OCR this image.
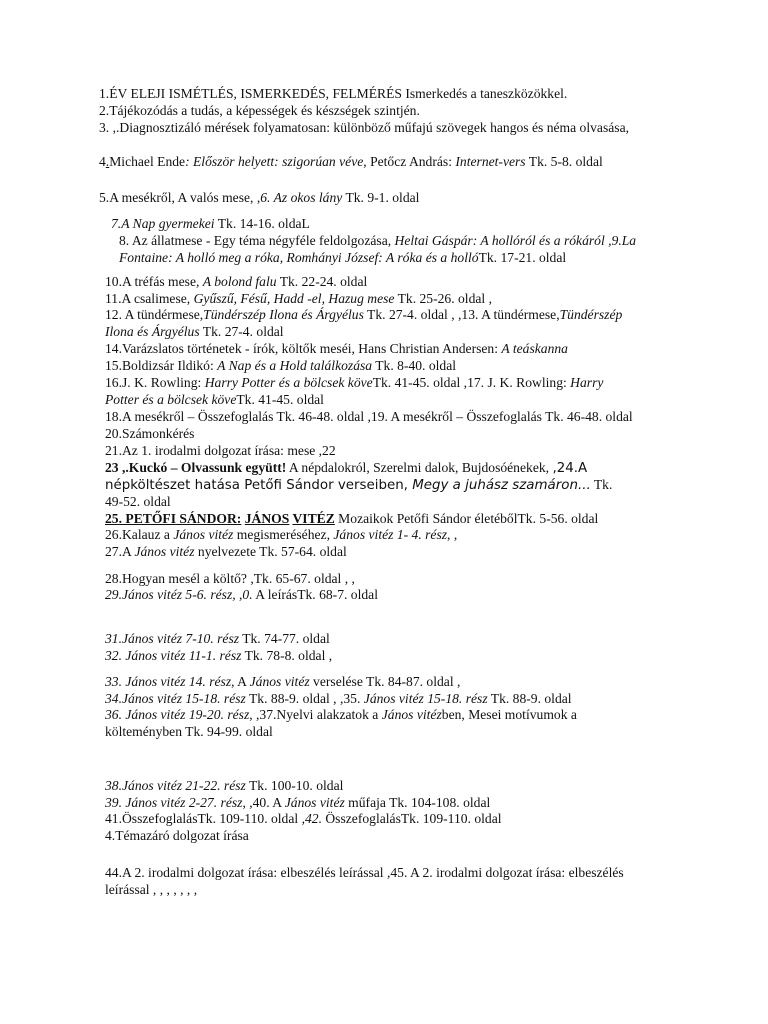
1.ÉV ELEJI ISMÉTLÉS, ISMERKEDÉS, FELMÉRÉS Ismerkedés a taneszközökkel.
2.Tájékozódás a tudás, a képességek és készségek szintjén.
3. ,.Diagnosztizáló mérések folyamatosan: különböző műfajú szövegek hangos és néma olvasása,
4.Michael Ende: Először helyett: szigorúan véve, Petőcz András: Internet-vers Tk. 5-8. oldal
5.A mesékről, A valós mese, ,6. Az okos lány Tk. 9-1. oldal
7.A Nap gyermekei Tk. 14-16. oldaL
8. Az állatmese - Egy téma négyféle feldolgozása, Heltai Gáspár: A hollóról és a rókáról ,9.La
Fontaine: A holló meg a róka, Romhányi József: A róka és a hollóTk. 17-21. oldal
10.A tréfás mese, A bolond falu Tk. 22-24. oldal
11.A csalimese, Gyűszű, Fésű, Hadd -el, Hazug mese Tk. 25-26. oldal ,
12. A tündérmese,Tündérszép Ilona és Árgyélus Tk. 27-4. oldal , ,13. A tündérmese,Tündérszép
Ilona és Árgyélus Tk. 27-4. oldal
14.Varázslatos történetek - írók, költők meséi, Hans Christian Andersen: A teáskanna
15.Boldizsár Ildikó: A Nap és a Hold találkozása Tk. 8-40. oldal
16.J. K. Rowling: Harry Potter és a bölcsek köveTk. 41-45. oldal ,17. J. K. Rowling: Harry
Potter és a bölcsek köveTk. 41-45. oldal
18.A mesékről – Összefoglalás Tk. 46-48. oldal ,19. A mesékről – Összefoglalás Tk. 46-48. oldal
20.Számonkérés
21.Az 1. irodalmi dolgozat írása: mese ,22
23 ,.Kuckó – Olvassunk együtt! A népdalokról, Szerelmi dalok, Bujdosóénekek, ,24.A
népköltészet hatása Petőfi Sándor verseiben, Megy a juhász szamáron... Tk.
49-52. oldal
25. PETŐFI SÁNDOR: JÁNOS VITÉZ Mozaikok Petőfi Sándor életébőlTk. 5-56. oldal
26.Kalauz a János vitéz megismeréséhez, János vitéz 1- 4. rész, ,
27.A János vitéz nyelvezete Tk. 57-64. oldal
28.Hogyan mesél a költő? ,Tk. 65-67. oldal , ,
29.János vitéz 5-6. rész, ,0. A leírásTk. 68-7. oldal
31.János vitéz 7-10. rész Tk. 74-77. oldal
32. János vitéz 11-1. rész Tk. 78-8. oldal ,
33. János vitéz 14. rész, A János vitéz verselése Tk. 84-87. oldal ,
34.János vitéz 15-18. rész Tk. 88-9. oldal , ,35. János vitéz 15-18. rész Tk. 88-9. oldal
36. János vitéz 19-20. rész, ,37.Nyelvi alakzatok a János vitézben, Mesei motívumok a
költeményben Tk. 94-99. oldal
38.János vitéz 21-22. rész Tk. 100-10. oldal
39. János vitéz 2-27. rész, ,40. A János vitéz műfaja Tk. 104-108. oldal
41.ÖsszefoglalásTk. 109-110. oldal ,42. ÖsszefoglalásTk. 109-110. oldal
4.Témazáró dolgozat írása
44.A 2. irodalmi dolgozat írása: elbeszélés leírással ,45. A 2. irodalmi dolgozat írása: elbeszélés
leírással , , , , , , ,
